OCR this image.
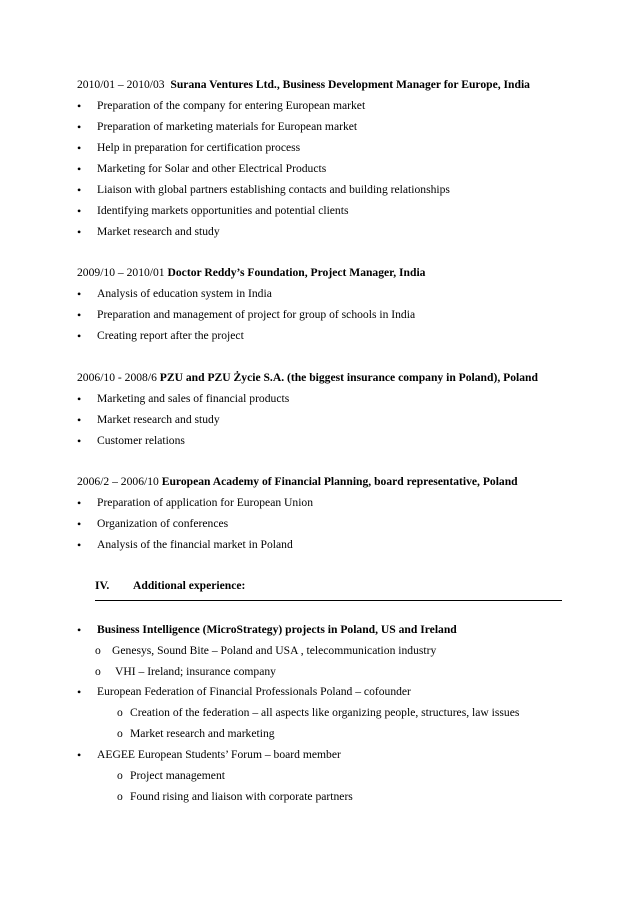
2010/01 – 2010/03 Surana Ventures Ltd., Business Development Manager for Europe, India
• Preparation of the company for entering European market
• Preparation of marketing materials for European market
• Help in preparation for certification process
• Marketing for Solar and other Electrical Products
• Liaison with global partners establishing contacts and building relationships
• Identifying markets opportunities and potential clients
• Market research and study
2009/10 – 2010/01 Doctor Reddy’s Foundation, Project Manager, India
• Analysis of education system in India
• Preparation and management of project for group of schools in India
• Creating report after the project
2006/10 - 2008/6 PZU and PZU Życie S.A. (the biggest insurance company in Poland), Poland
• Marketing and sales of financial products
• Market research and study
• Customer relations
2006/2 – 2006/10 European Academy of Financial Planning, board representative, Poland
• Preparation of application for European Union
• Organization of conferences
• Analysis of the financial market in Poland
IV. Additional experience:
• Business Intelligence (MicroStrategy) projects in Poland, US and Ireland
o Genesys, Sound Bite – Poland and USA , telecommunication industry
o VHI – Ireland; insurance company
• European Federation of Financial Professionals Poland – cofounder
o Creation of the federation – all aspects like organizing people, structures, law issues
o Market research and marketing
• AEGEE European Students’ Forum – board member
o Project management
o Found rising and liaison with corporate partners
